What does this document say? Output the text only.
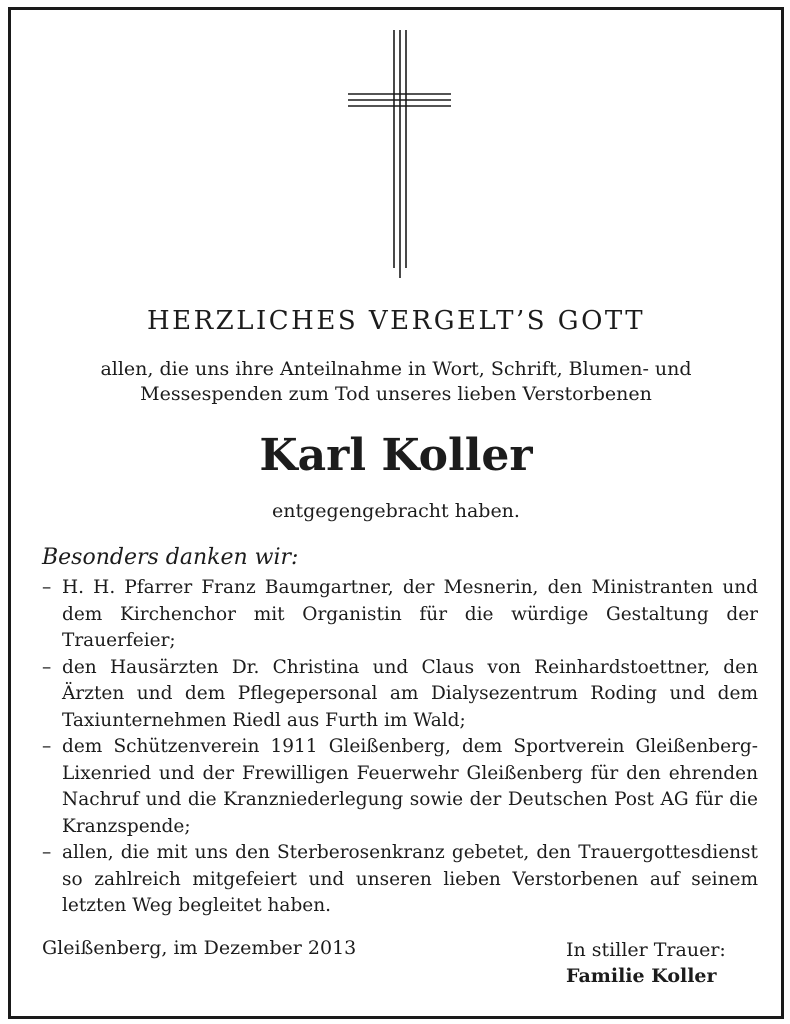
HERZLICHES VERGELT’S GOTT

allen, die uns ihre Anteilnahme in Wort, Schrift, Blumen- und
Messespenden zum Tod unseres lieben Verstorbenen

Karl Koller

entgegengebracht haben.

Besonders danken wir:

– H. H. Pfarrer Franz Baumgartner, der Mesnerin, den Ministranten und dem Kirchenchor mit Organistin für die würdige Gestaltung der Trauerfeier;
– den Hausärzten Dr. Christina und Claus von Reinhardstoettner, den Ärzten und dem Pflegepersonal am Dialysezentrum Roding und dem Taxiunternehmen Riedl aus Furth im Wald;
– dem Schützenverein 1911 Gleißenberg, dem Sportverein Gleißenberg-Lixenried und der Frewilligen Feuerwehr Gleißenberg für den ehrenden Nachruf und die Kranzniederlegung sowie der Deutschen Post AG für die Kranzspende;
– allen, die mit uns den Sterberosenkranz gebetet, den Trauergottesdienst so zahlreich mitgefeiert und unseren lieben Verstorbenen auf seinem letzten Weg begleitet haben.

Gleißenberg, im Dezember 2013	In stiller Trauer:
Familie Koller
